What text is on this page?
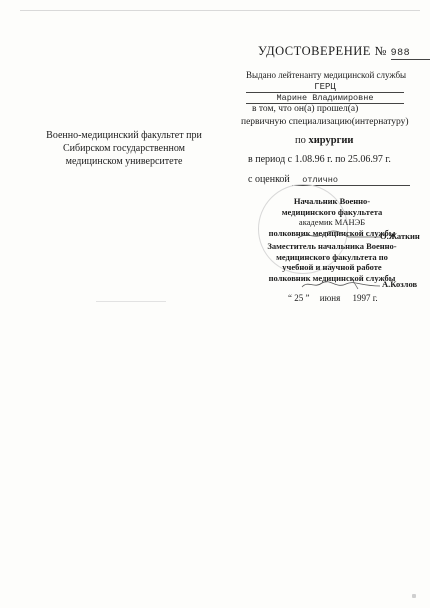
УДОСТОВЕРЕНИЕ № 988
Выдано лейтенанту медицинской службы
ГЕРЦ
Марине Владимировне
в том, что он(а) прошел(а)
первичную специализацию(интернатуру)
Военно-медицинский факультет при
Сибирском государственном
медицинском университете
по хирургии
в период с 1.08.96 г. по 25.06.97 г.
с оценкой отлично
Начальник Военно-
медицинского факультета
академик МАНЭБ
полковник медицинской службы
О.Жаткин
Заместитель начальника Военно-
медицинского факультета по
учебной и научной работе
полковник медицинской службы
А.Козлов
“ 25 ” июня 1997 г.
